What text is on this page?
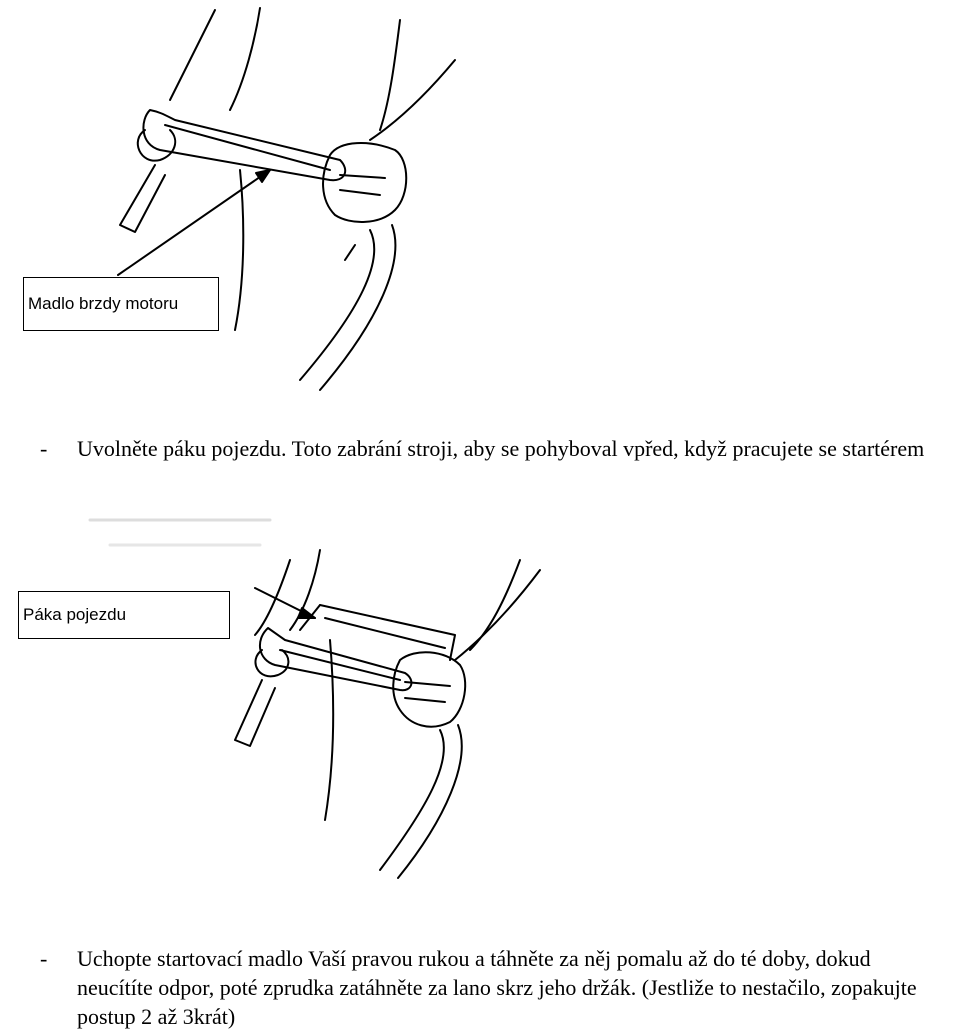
Madlo brzdy motoru
-	Uvolněte páku pojezdu. Toto zabrání stroji, aby se pohyboval vpřed, když pracujete se startérem
Páka pojezdu
-	Uchopte startovací madlo Vaší pravou rukou a táhněte za něj pomalu až do té doby, dokud neucítíte odpor, poté zprudka zatáhněte za lano skrz jeho držák. (Jestliže to nestačilo, zopakujte postup 2 až 3krát)
